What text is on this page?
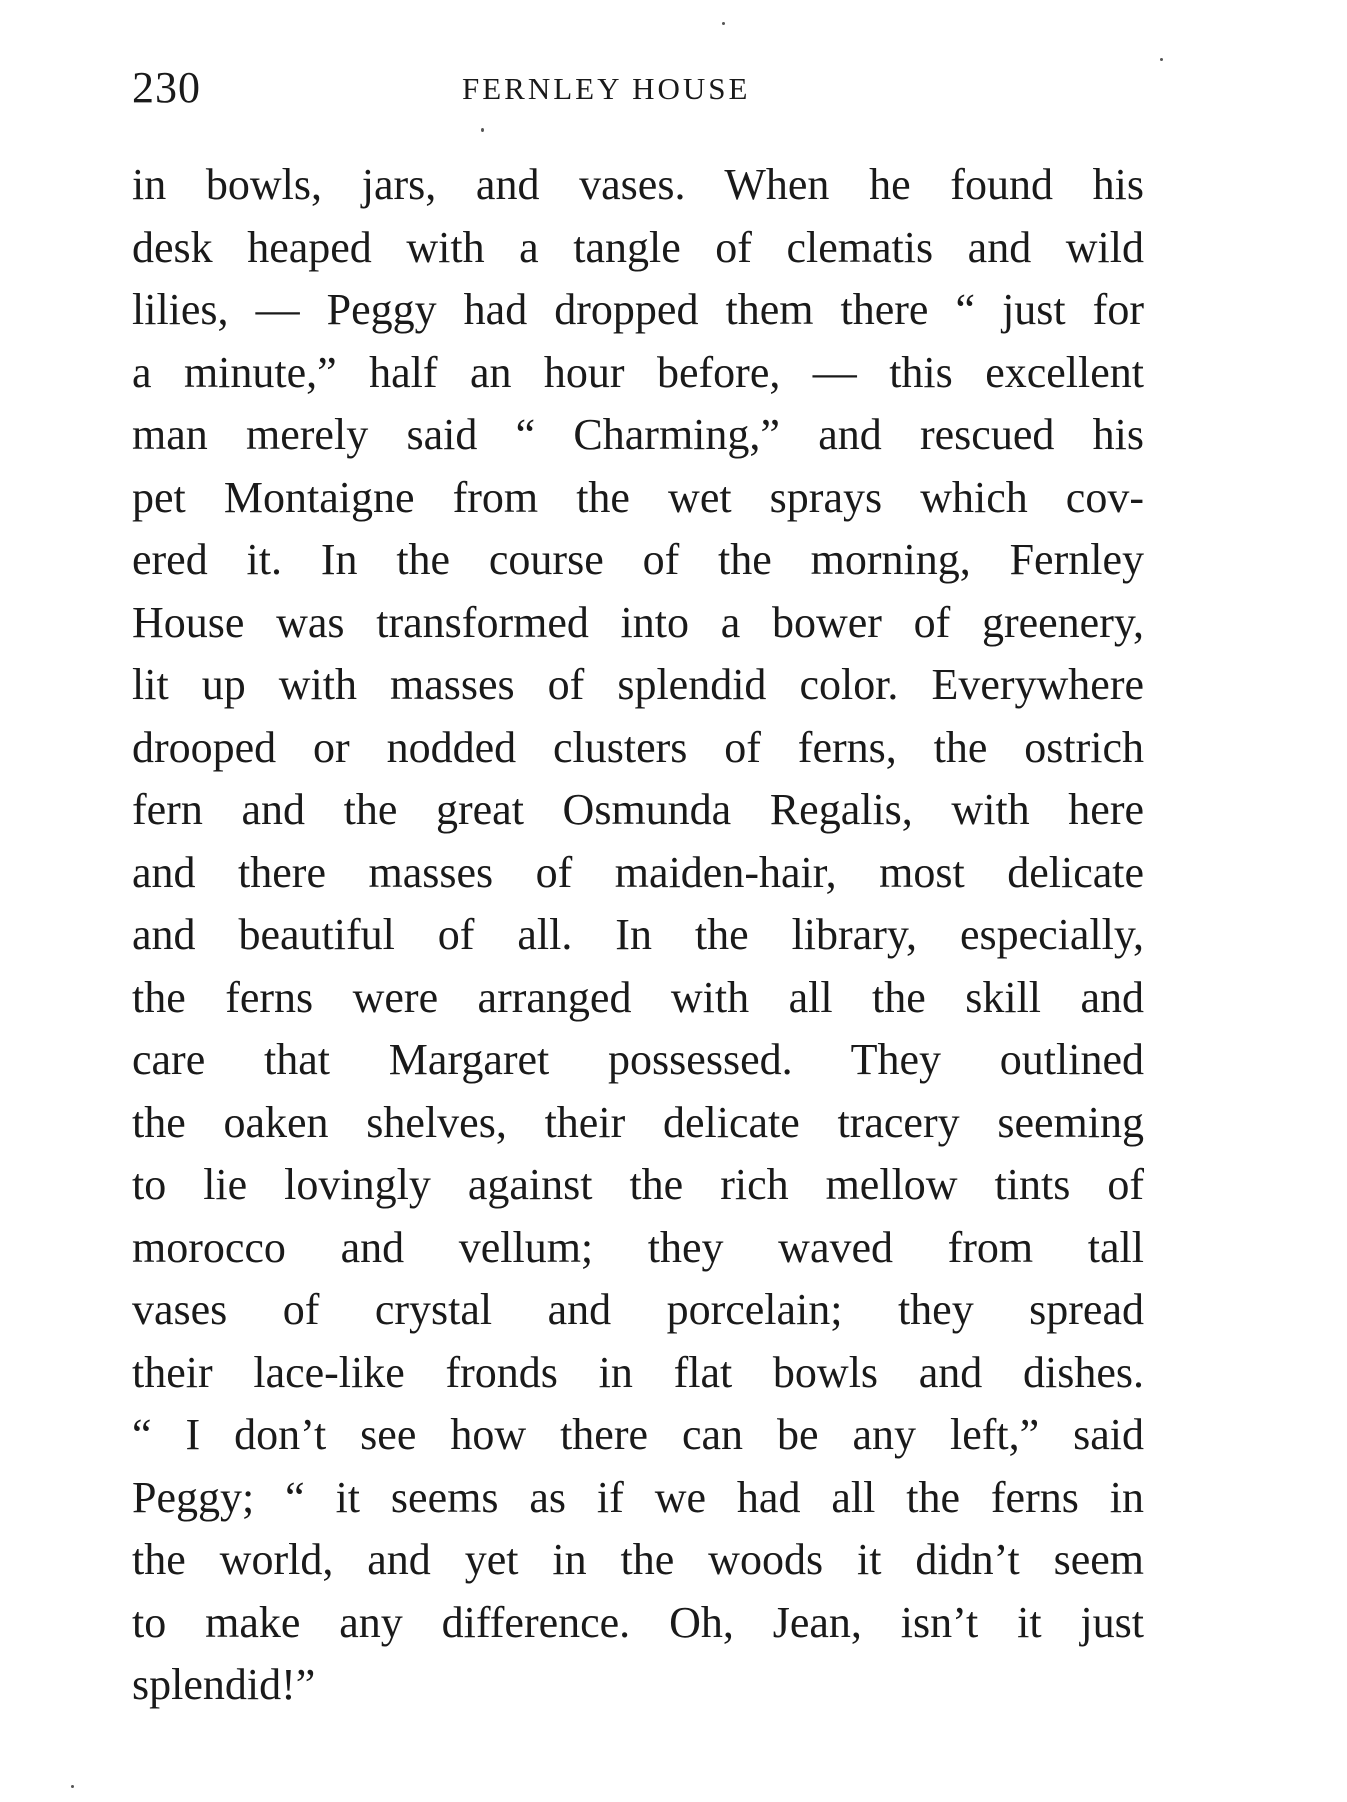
230	FERNLEY HOUSE
in bowls, jars, and vases. When he found his
desk heaped with a tangle of clematis and wild
lilies, — Peggy had dropped them there “ just for
a minute,” half an hour before, — this excellent
man merely said “ Charming,” and rescued his
pet Montaigne from the wet sprays which cov-
ered it. In the course of the morning, Fernley
House was transformed into a bower of greenery,
lit up with masses of splendid color. Everywhere
drooped or nodded clusters of ferns, the ostrich
fern and the great Osmunda Regalis, with here
and there masses of maiden-hair, most delicate
and beautiful of all. In the library, especially,
the ferns were arranged with all the skill and
care that Margaret possessed. They outlined
the oaken shelves, their delicate tracery seeming
to lie lovingly against the rich mellow tints of
morocco and vellum; they waved from tall
vases of crystal and porcelain; they spread
their lace-like fronds in flat bowls and dishes.
“ I don’t see how there can be any left,” said
Peggy; “ it seems as if we had all the ferns in
the world, and yet in the woods it didn’t seem
to make any difference. Oh, Jean, isn’t it just
splendid!”
